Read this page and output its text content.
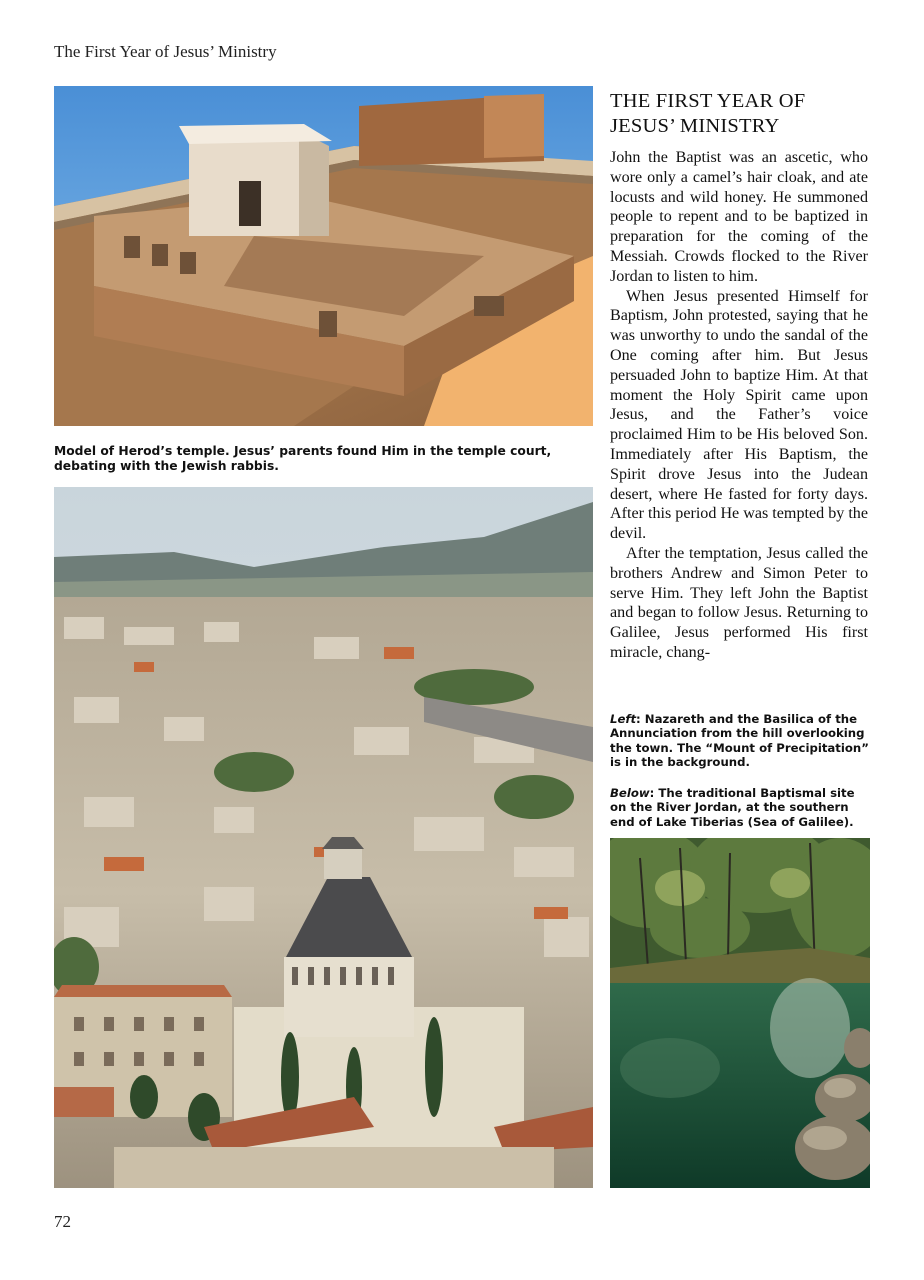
The First Year of Jesus’ Ministry
Model of Herod’s temple. Jesus’ parents found Him in the temple court, debating with the Jewish rabbis.
THE FIRST YEAR OF JESUS’ MINISTRY

John the Baptist was an ascetic, who wore only a camel’s hair cloak, and ate locusts and wild honey. He summoned people to repent and to be baptized in preparation for the coming of the Messiah. Crowds flocked to the River Jordan to listen to him.

When Jesus presented Himself for Baptism, John protested, saying that he was unworthy to undo the sandal of the One coming after him. But Jesus persuaded John to baptize Him. At that moment the Holy Spirit came upon Jesus, and the Father’s voice proclaimed Him to be His beloved Son. Immediately after His Baptism, the Spirit drove Jesus into the Judean desert, where He fasted for forty days. After this period He was tempted by the devil.

After the temptation, Jesus called the brothers Andrew and Simon Peter to serve Him. They left John the Baptist and began to follow Jesus. Returning to Galilee, Jesus performed His first miracle, chang-

Left: Nazareth and the Basilica of the Annunciation from the hill overlooking the town. The “Mount of Precipitation” is in the background.
Below: The traditional Baptismal site on the River Jordan, at the southern end of Lake Tiberias (Sea of Galilee).
72
